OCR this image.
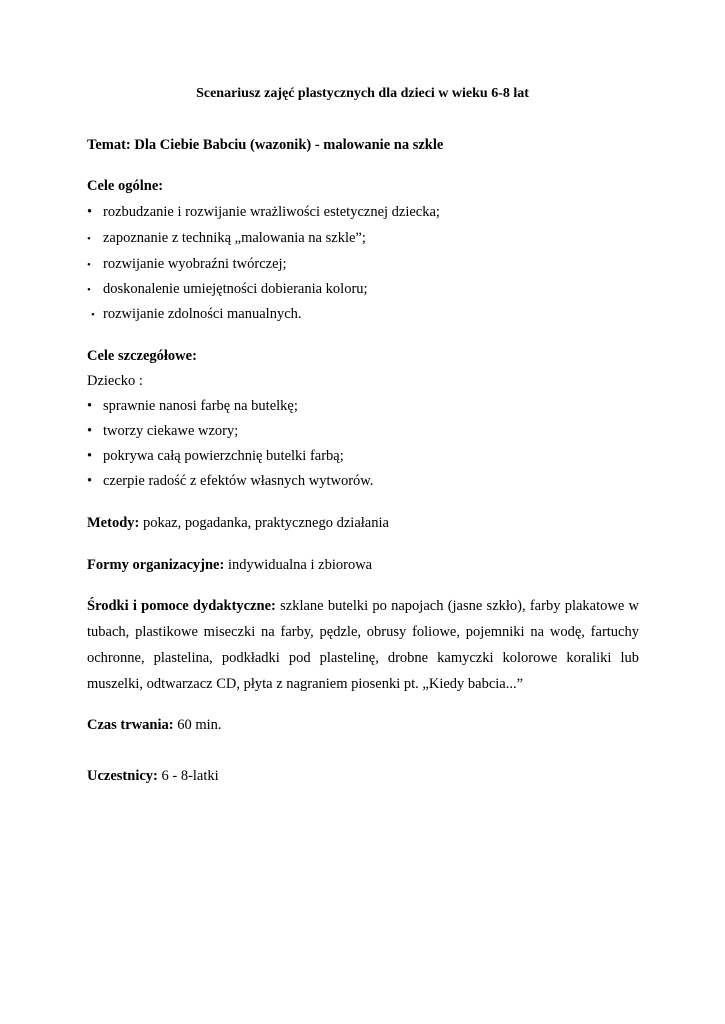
Scenariusz zajęć plastycznych dla dzieci w wieku 6-8 lat
Temat: Dla Ciebie Babciu (wazonik) - malowanie na szkle
Cele ogólne:
• rozbudzanie i rozwijanie wrażliwości estetycznej dziecka;
• zapoznanie z techniką „malowania na szkle”;
• rozwijanie wyobraźni twórczej;
• doskonalenie umiejętności dobierania koloru;
• rozwijanie zdolności manualnych.
Cele szczegółowe:
Dziecko :
• sprawnie nanosi farbę na butelkę;
• tworzy ciekawe wzory;
• pokrywa całą powierzchnię butelki farbą;
• czerpie radość z efektów własnych wytworów.
Metody: pokaz, pogadanka, praktycznego działania
Formy organizacyjne: indywidualna i zbiorowa
Środki i pomoce dydaktyczne: szklane butelki po napojach (jasne szkło), farby plakatowe w tubach, plastikowe miseczki na farby, pędzle, obrusy foliowe, pojemniki na wodę, fartuchy ochronne, plastelina, podkładki pod plastelinę, drobne kamyczki kolorowe koraliki lub muszelki, odtwarzacz CD, płyta z nagraniem piosenki pt. „Kiedy babcia...”
Czas trwania: 60 min.
Uczestnicy: 6 - 8-latki
